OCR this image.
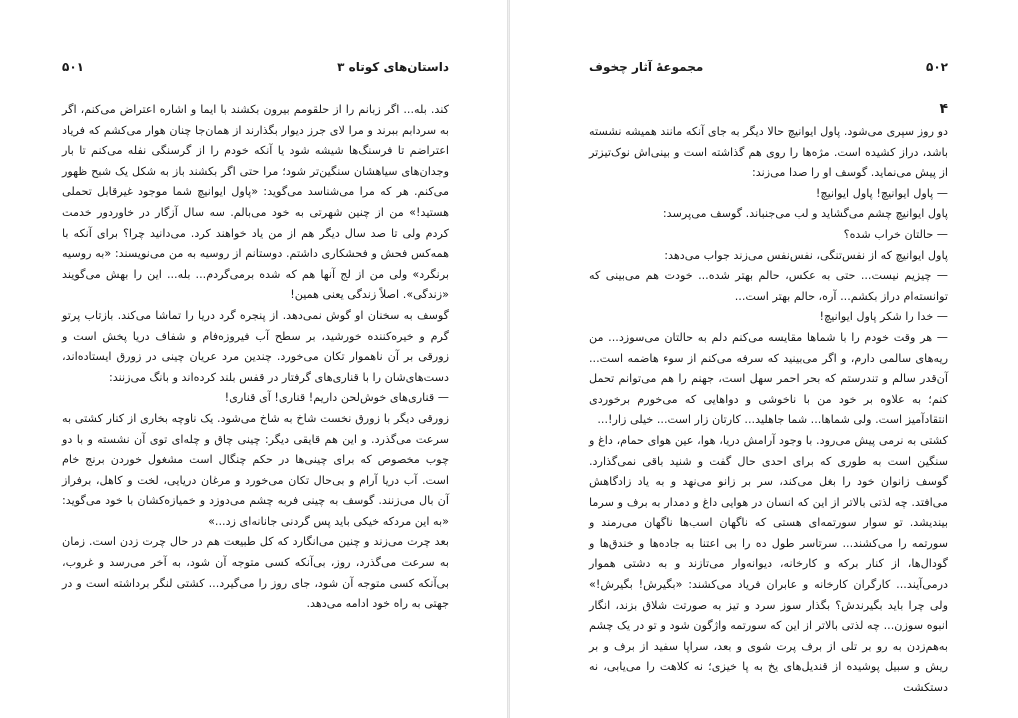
داستان‌های کوتاه ۳
۵۰۱

کند. بله... اگر زبانم را از حلقومم بیرون بکشند با ایما و اشاره اعتراض می‌کنم، اگر به سردابم ببرند و مرا لای جرز دیوار بگذارند از همان‌جا چنان هوار می‌کشم که فریاد اعتراضم تا فرسنگ‌ها شیشه شود یا آنکه خودم را از گرسنگی نفله می‌کنم تا بار وجدان‌های سیاهشان سنگین‌تر شود؛ مرا حتی اگر بکشند باز به شکل یک شبح ظهور می‌کنم. هر که مرا می‌شناسد می‌گوید: «پاول ایوانیچ شما موجود غیرقابل تحملی هستید!» من از چنین شهرتی به خود می‌بالم. سه سال آزگار در خاوردور خدمت کردم ولی تا صد سال دیگر هم از من یاد خواهند کرد. می‌دانید چرا؟ برای آنکه با همه‌کس فحش و فحشکاری داشتم. دوستانم از روسیه به من می‌نویسند: «به روسیه برنگرد» ولی من از لج آنها هم که شده برمی‌گردم... بله... این را بهش می‌گویند «زندگی». اصلاً زندگی یعنی همین!

گوسف به سخنان او گوش نمی‌دهد. از پنجره گرد دریا را تماشا می‌کند. بازتاب پرتو گرم و خیره‌کننده خورشید، بر سطح آب فیروزه‌فام و شفاف دریا پخش است و زورقی بر آن ناهموار تکان می‌خورد. چندین مرد عریان چینی در زورق ایستاده‌اند، دست‌های‌شان را با قناری‌های گرفتار در قفس بلند کرده‌اند و بانگ می‌زنند:

— قناری‌های خوش‌لحن داریم! قناری! آی قناری!

زورقی دیگر با زورق نخست شاخ به شاخ می‌شود. یک ناوچه بخاری از کنار کشتی به سرعت می‌گذرد. و این هم قایقی دیگر: چینی چاق و چله‌ای توی آن نشسته و با دو چوب مخصوص که برای چینی‌ها در حکم چنگال است مشغول خوردن برنج‌ خام است. آب دریا آرام و بی‌حال تکان می‌خورد و مرغان دریایی، لخت و کاهل، برفراز آن بال می‌زنند. گوسف به چینی فربه چشم می‌دوزد و خمیازه‌کشان با خود می‌گوید: «به این مردکه خیکی باید پس گردنی جانانه‌ای زد...»

بعد چرت می‌زند و چنین می‌انگارد که کل طبیعت هم در حال چرت زدن است. زمان به سرعت می‌گذرد، روز، بی‌آنکه کسی متوجه آن شود، به آخر می‌رسد و غروب، بی‌آنکه کسی متوجه آن شود، جای روز را می‌گیرد... کشتی لنگر برداشته است و در جهتی به راه خود ادامه می‌دهد.

۵۰۲
مجموعهٔ آثار چخوف
۴

دو روز سپری می‌شود. پاول ایوانیچ حالا دیگر به جای آنکه مانند همیشه نشسته باشد، دراز کشیده است. مژه‌ها را روی هم گذاشته است و بینی‌اش نوک‌تیزتر از پیش می‌نماید. گوسف او را صدا می‌زند:

— پاول ایوانیچ! پاول ایوانیچ!

پاول ایوانیچ چشم می‌گشاید و لب می‌جنباند. گوسف می‌پرسد:

— حالتان خراب شده؟

پاول ایوانیچ که از نفس‌تنگی، نفس‌نفس می‌زند جواب می‌دهد:

— چیزیم نیست... حتی به عکس، حالم بهتر شده... خودت هم می‌بینی که توانسته‌ام دراز بکشم... آره، حالم بهتر است...

— خدا را شکر پاول ایوانیچ!

— هر وقت خودم را با شماها مقایسه می‌کنم دلم به حالتان می‌سوزد... من ریه‌های سالمی دارم، و اگر می‌بینید که سرفه می‌کنم از سوء هاضمه است... آن‌قدر سالم و تندرستم که بحر احمر سهل است، جهنم را هم می‌توانم تحمل کنم؛ به علاوه بر خود من با ناخوشی و دواهایی که می‌خورم برخوردی انتقادآمیز است. ولی شماها... شما جاهلید... کارتان زار است... خیلی زار!...

کشتی به نرمی پیش می‌رود. با وجود آرامش دریا، هوا، عین هوای حمام، داغ و سنگین است به طوری که برای احدی حال گفت و شنید باقی نمی‌گذارد. گوسف زانوان خود را بغل می‌کند، سر بر زانو می‌نهد و به یاد زادگاهش می‌افتد. چه لذتی بالاتر از این که انسان در هوایی داغ و دمدار به برف و سرما بیندیشد. تو سوار سورتمه‌ای هستی که ناگهان اسب‌ها ناگهان می‌رمند و سورتمه را می‌کشند... سرتاسر طول ده را بی اعتنا به جاده‌ها و خندق‌ها و گودال‌ها، از کنار برکه و کارخانه، دیوانه‌وار می‌تازند و به دشتی هموار درمی‌آیند... کارگران کارخانه و عابران فریاد می‌کشند: «بگیرش! بگیرش!» ولی چرا باید بگیرندش؟ بگذار سوز سرد و تیز به صورتت شلاق بزند، انگار انبوه سوزن... چه لذتی بالاتر از این که سورتمه واژگون شود و تو در یک چشم به‌هم‌زدن به رو بر تلی از برف پرت شوی و بعد، سراپا سفید از برف و بر ریش و سبیل پوشیده از قندیل‌های یخ به پا خیزی؛ نه کلاهت را می‌یابی، نه دستکشت
